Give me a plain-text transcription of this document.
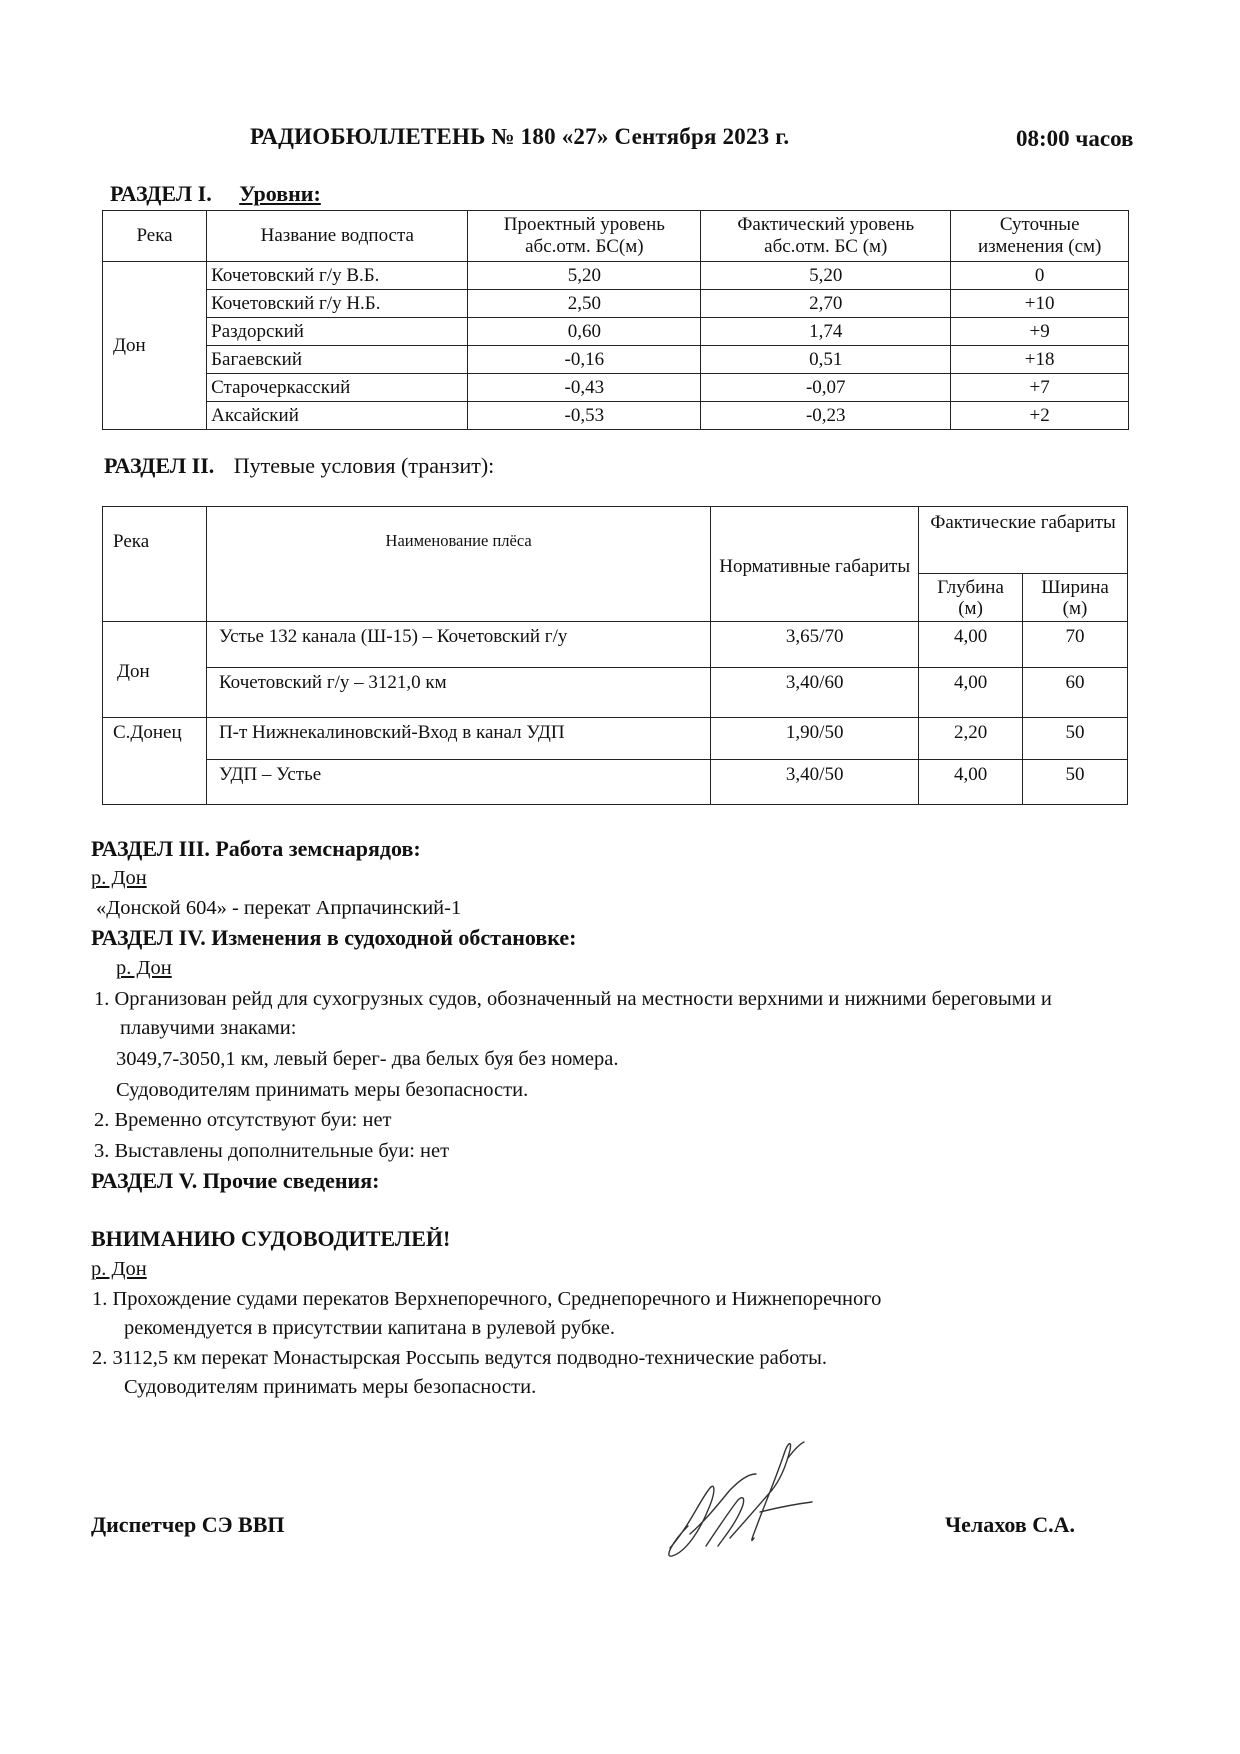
РАДИОБЮЛЛЕТЕНЬ № 180 «27» Сентября 2023 г.	08:00 часов
РАЗДЕЛ I. Уровни:
Река	Название водпоста	Проектный уровень абс.отм. БС(м)	Фактический уровень абс.отм. БС (м)	Суточные изменения (см)
Дон	Кочетовский г/у В.Б.	5,20	5,20	0
	Кочетовский г/у Н.Б.	2,50	2,70	+10
	Раздорский	0,60	1,74	+9
	Багаевский	-0,16	0,51	+18
	Старочеркасский	-0,43	-0,07	+7
	Аксайский	-0,53	-0,23	+2
РАЗДЕЛ II. Путевые условия (транзит):
Река	Наименование плёса	Нормативные габариты	Фактические габариты	
			Глубина (м)	Ширина (м)
Дон	Устье 132 канала (Ш-15) – Кочетовский г/у	3,65/70	4,00	70
	Кочетовский г/у – 3121,0 км	3,40/60	4,00	60
С.Донец	П-т Нижнекалиновский-Вход в канал УДП	1,90/50	2,20	50
	УДП – Устье	3,40/50	4,00	50
РАЗДЕЛ III. Работа земснарядов:
р. Дон
«Донской 604» - перекат Апрпачинский-1
РАЗДЕЛ IV. Изменения в судоходной обстановке:
р. Дон
1. Организован рейд для сухогрузных судов, обозначенный на местности верхними и нижними береговыми и
плавучими знаками:
3049,7-3050,1 км, левый берег- два белых буя без номера.
Судоводителям принимать меры безопасности.
2. Временно отсутствуют буи: нет
3. Выставлены дополнительные буи: нет
РАЗДЕЛ V. Прочие сведения:
ВНИМАНИЮ СУДОВОДИТЕЛЕЙ!
р. Дон
1. Прохождение судами перекатов Верхнепоречного, Среднепоречного и Нижнепоречного
рекомендуется в присутствии капитана в рулевой рубке.
2. 3112,5 км перекат Монастырская Россыпь ведутся подводно-технические работы.
Судоводителям принимать меры безопасности.
Диспетчер СЭ ВВП	Челахов С.А.
